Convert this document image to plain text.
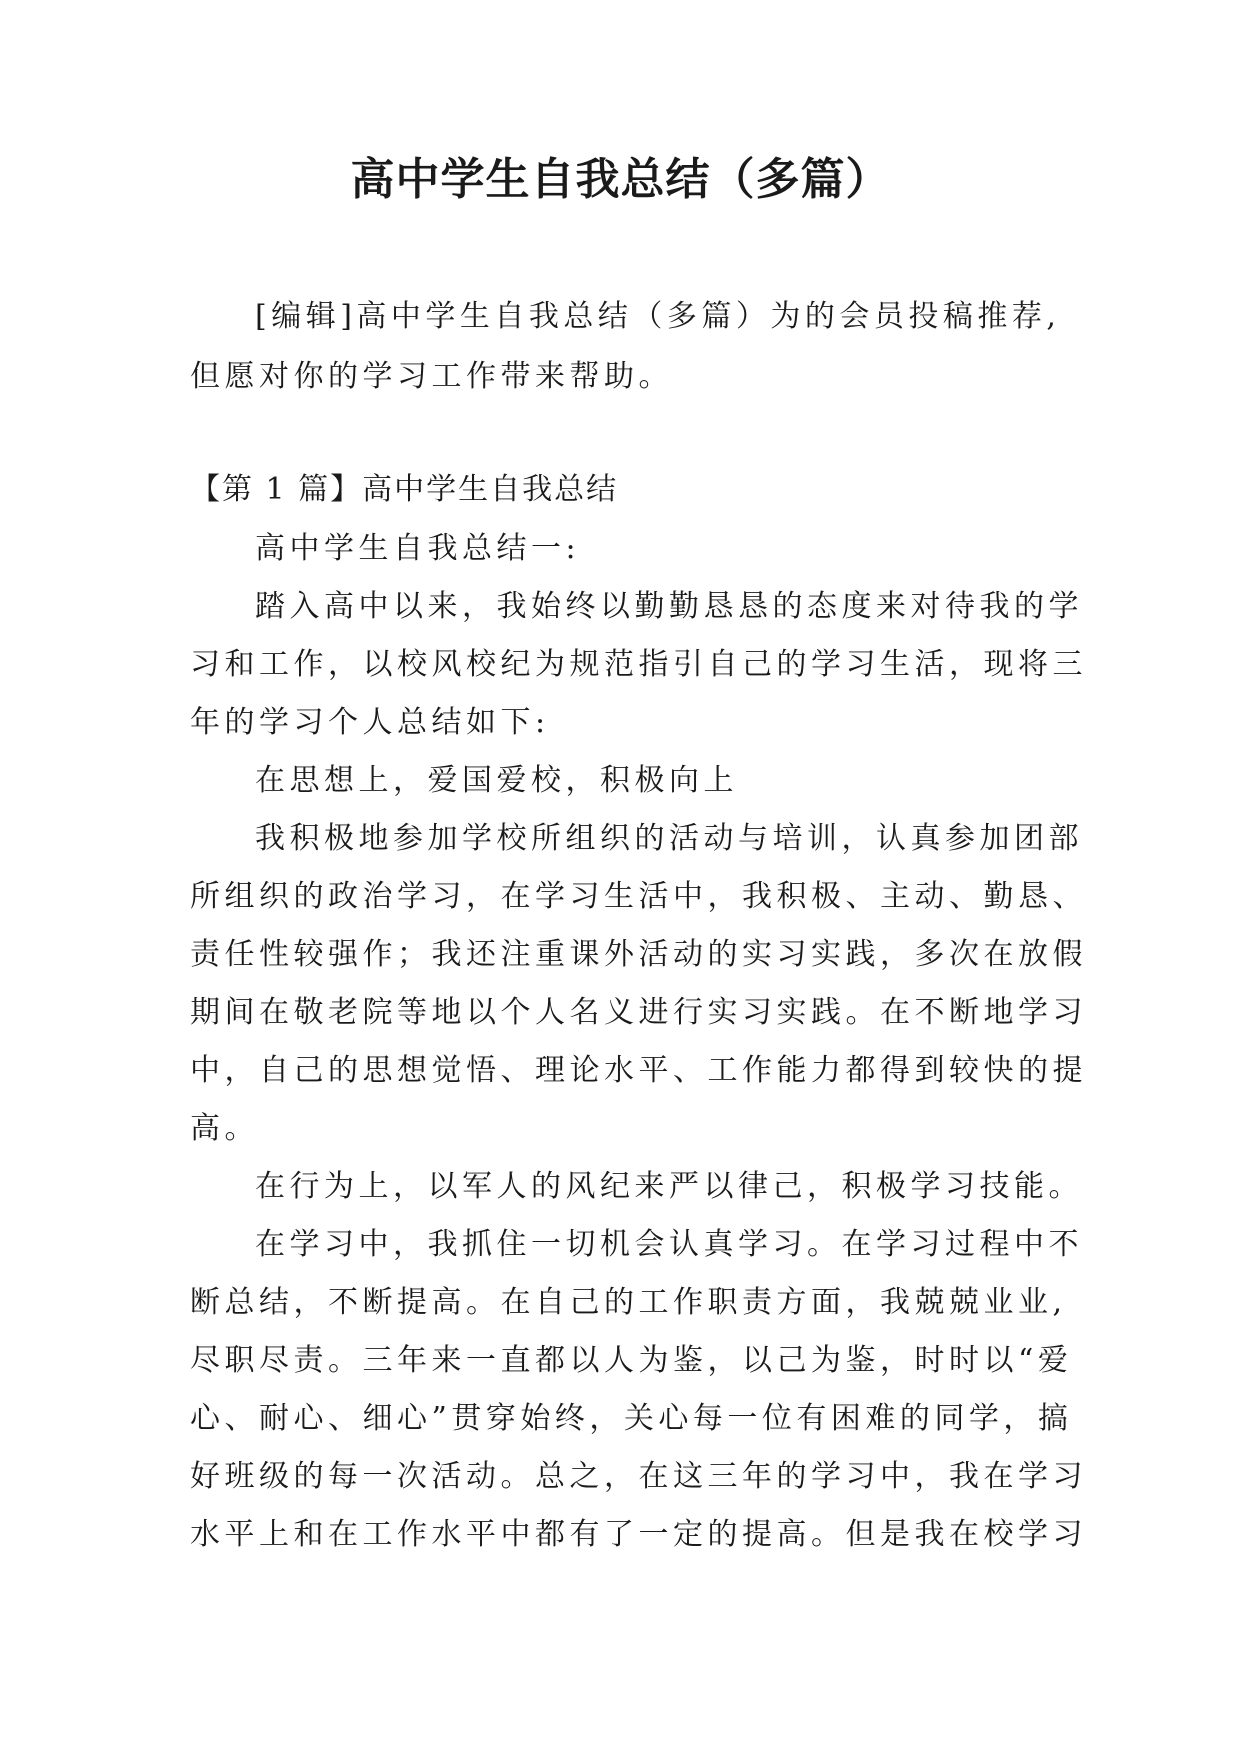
高中学生自我总结（多篇）
[编辑]高中学生自我总结（多篇）为的会员投稿推荐,
但愿对你的学习工作带来帮助。
【第 1 篇】高中学生自我总结
高中学生自我总结一:
踏入高中以来，我始终以勤勤恳恳的态度来对待我的学
习和工作，以校风校纪为规范指引自己的学习生活，现将三
年的学习个人总结如下:
在思想上，爱国爱校，积极向上
我积极地参加学校所组织的活动与培训，认真参加团部
所组织的政治学习，在学习生活中，我积极、主动、勤恳、
责任性较强作；我还注重课外活动的实习实践，多次在放假
期间在敬老院等地以个人名义进行实习实践。在不断地学习
中，自己的思想觉悟、理论水平、工作能力都得到较快的提
高。
在行为上，以军人的风纪来严以律己，积极学习技能。
在学习中，我抓住一切机会认真学习。在学习过程中不
断总结，不断提高。在自己的工作职责方面，我兢兢业业,
尽职尽责。三年来一直都以人为鉴，以己为鉴，时时以“爱
心、耐心、细心”贯穿始终，关心每一位有困难的同学，搞
好班级的每一次活动。总之，在这三年的学习中，我在学习
水平上和在工作水平中都有了一定的提高。但是我在校学习
